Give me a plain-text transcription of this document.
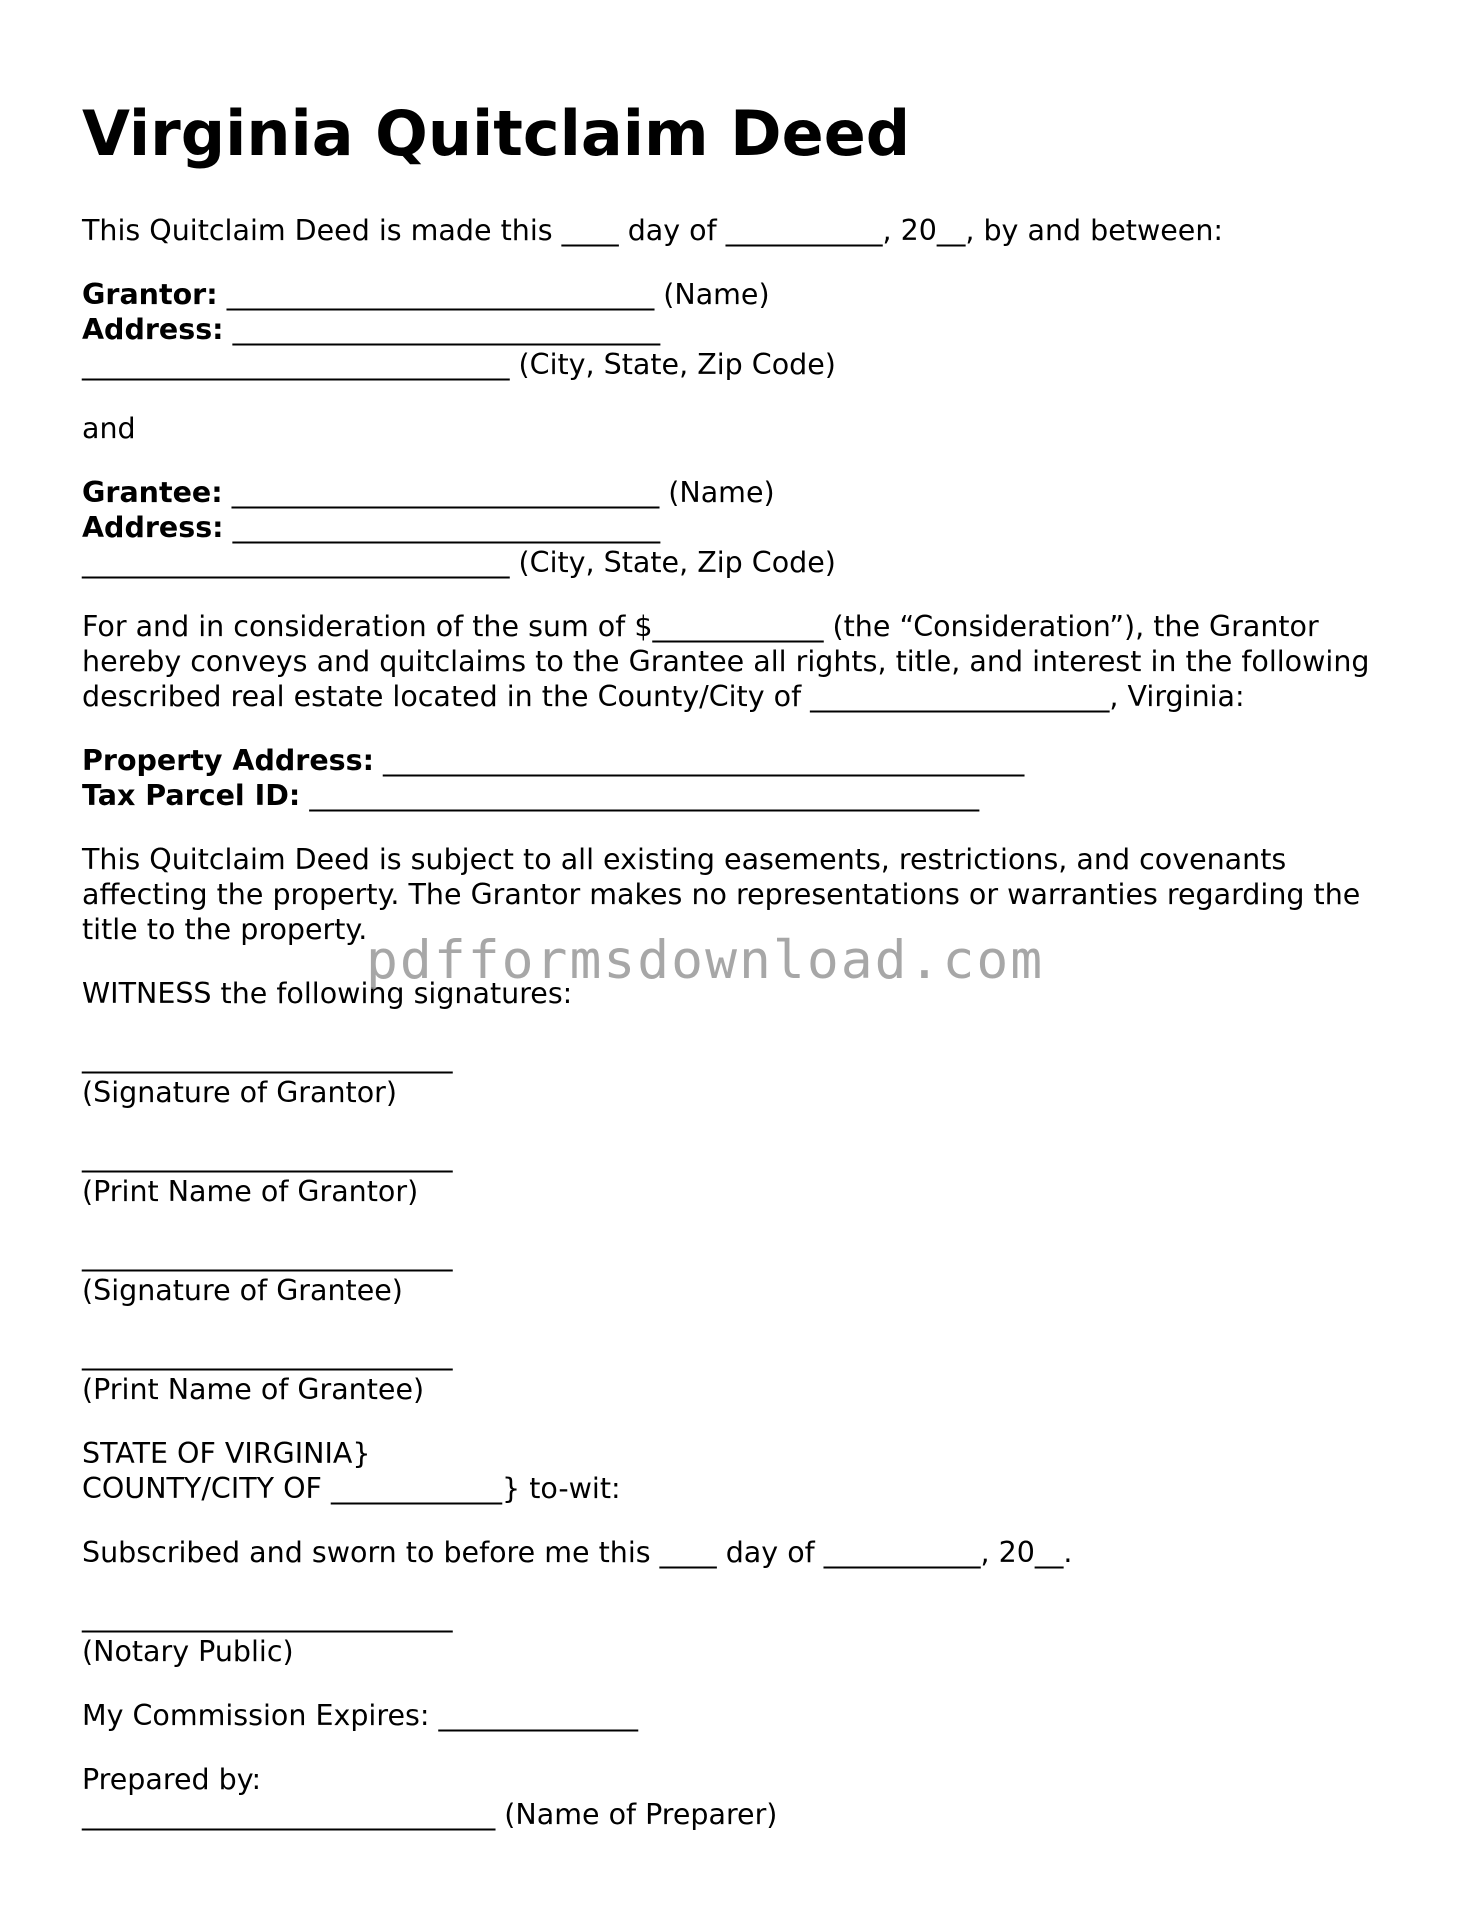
Virginia Quitclaim Deed

This Quitclaim Deed is made this ____ day of ___________, 20__, by and between:

Grantor: ______________________________ (Name)

Address: ______________________________

______________________________ (City, State, Zip Code)

and

Grantee: ______________________________ (Name)

Address: ______________________________

______________________________ (City, State, Zip Code)

For and in consideration of the sum of $____________ (the “Consideration”), the Grantor

hereby conveys and quitclaims to the Grantee all rights, title, and interest in the following

described real estate located in the County/City of _____________________, Virginia:

Property Address: _____________________________________________

Tax Parcel ID: _______________________________________________

This Quitclaim Deed is subject to all existing easements, restrictions, and covenants

affecting the property. The Grantor makes no representations or warranties regarding the

title to the property.

WITNESS the following signatures:

__________________________

(Signature of Grantor)

__________________________

(Print Name of Grantor)

__________________________

(Signature of Grantee)

__________________________

(Print Name of Grantee)

STATE OF VIRGINIA}

COUNTY/CITY OF ____________} to-wit:

Subscribed and sworn to before me this ____ day of ___________, 20__.

__________________________

(Notary Public)

My Commission Expires: ______________

Prepared by:

_____________________________ (Name of Preparer)

pdfformsdownload.com
